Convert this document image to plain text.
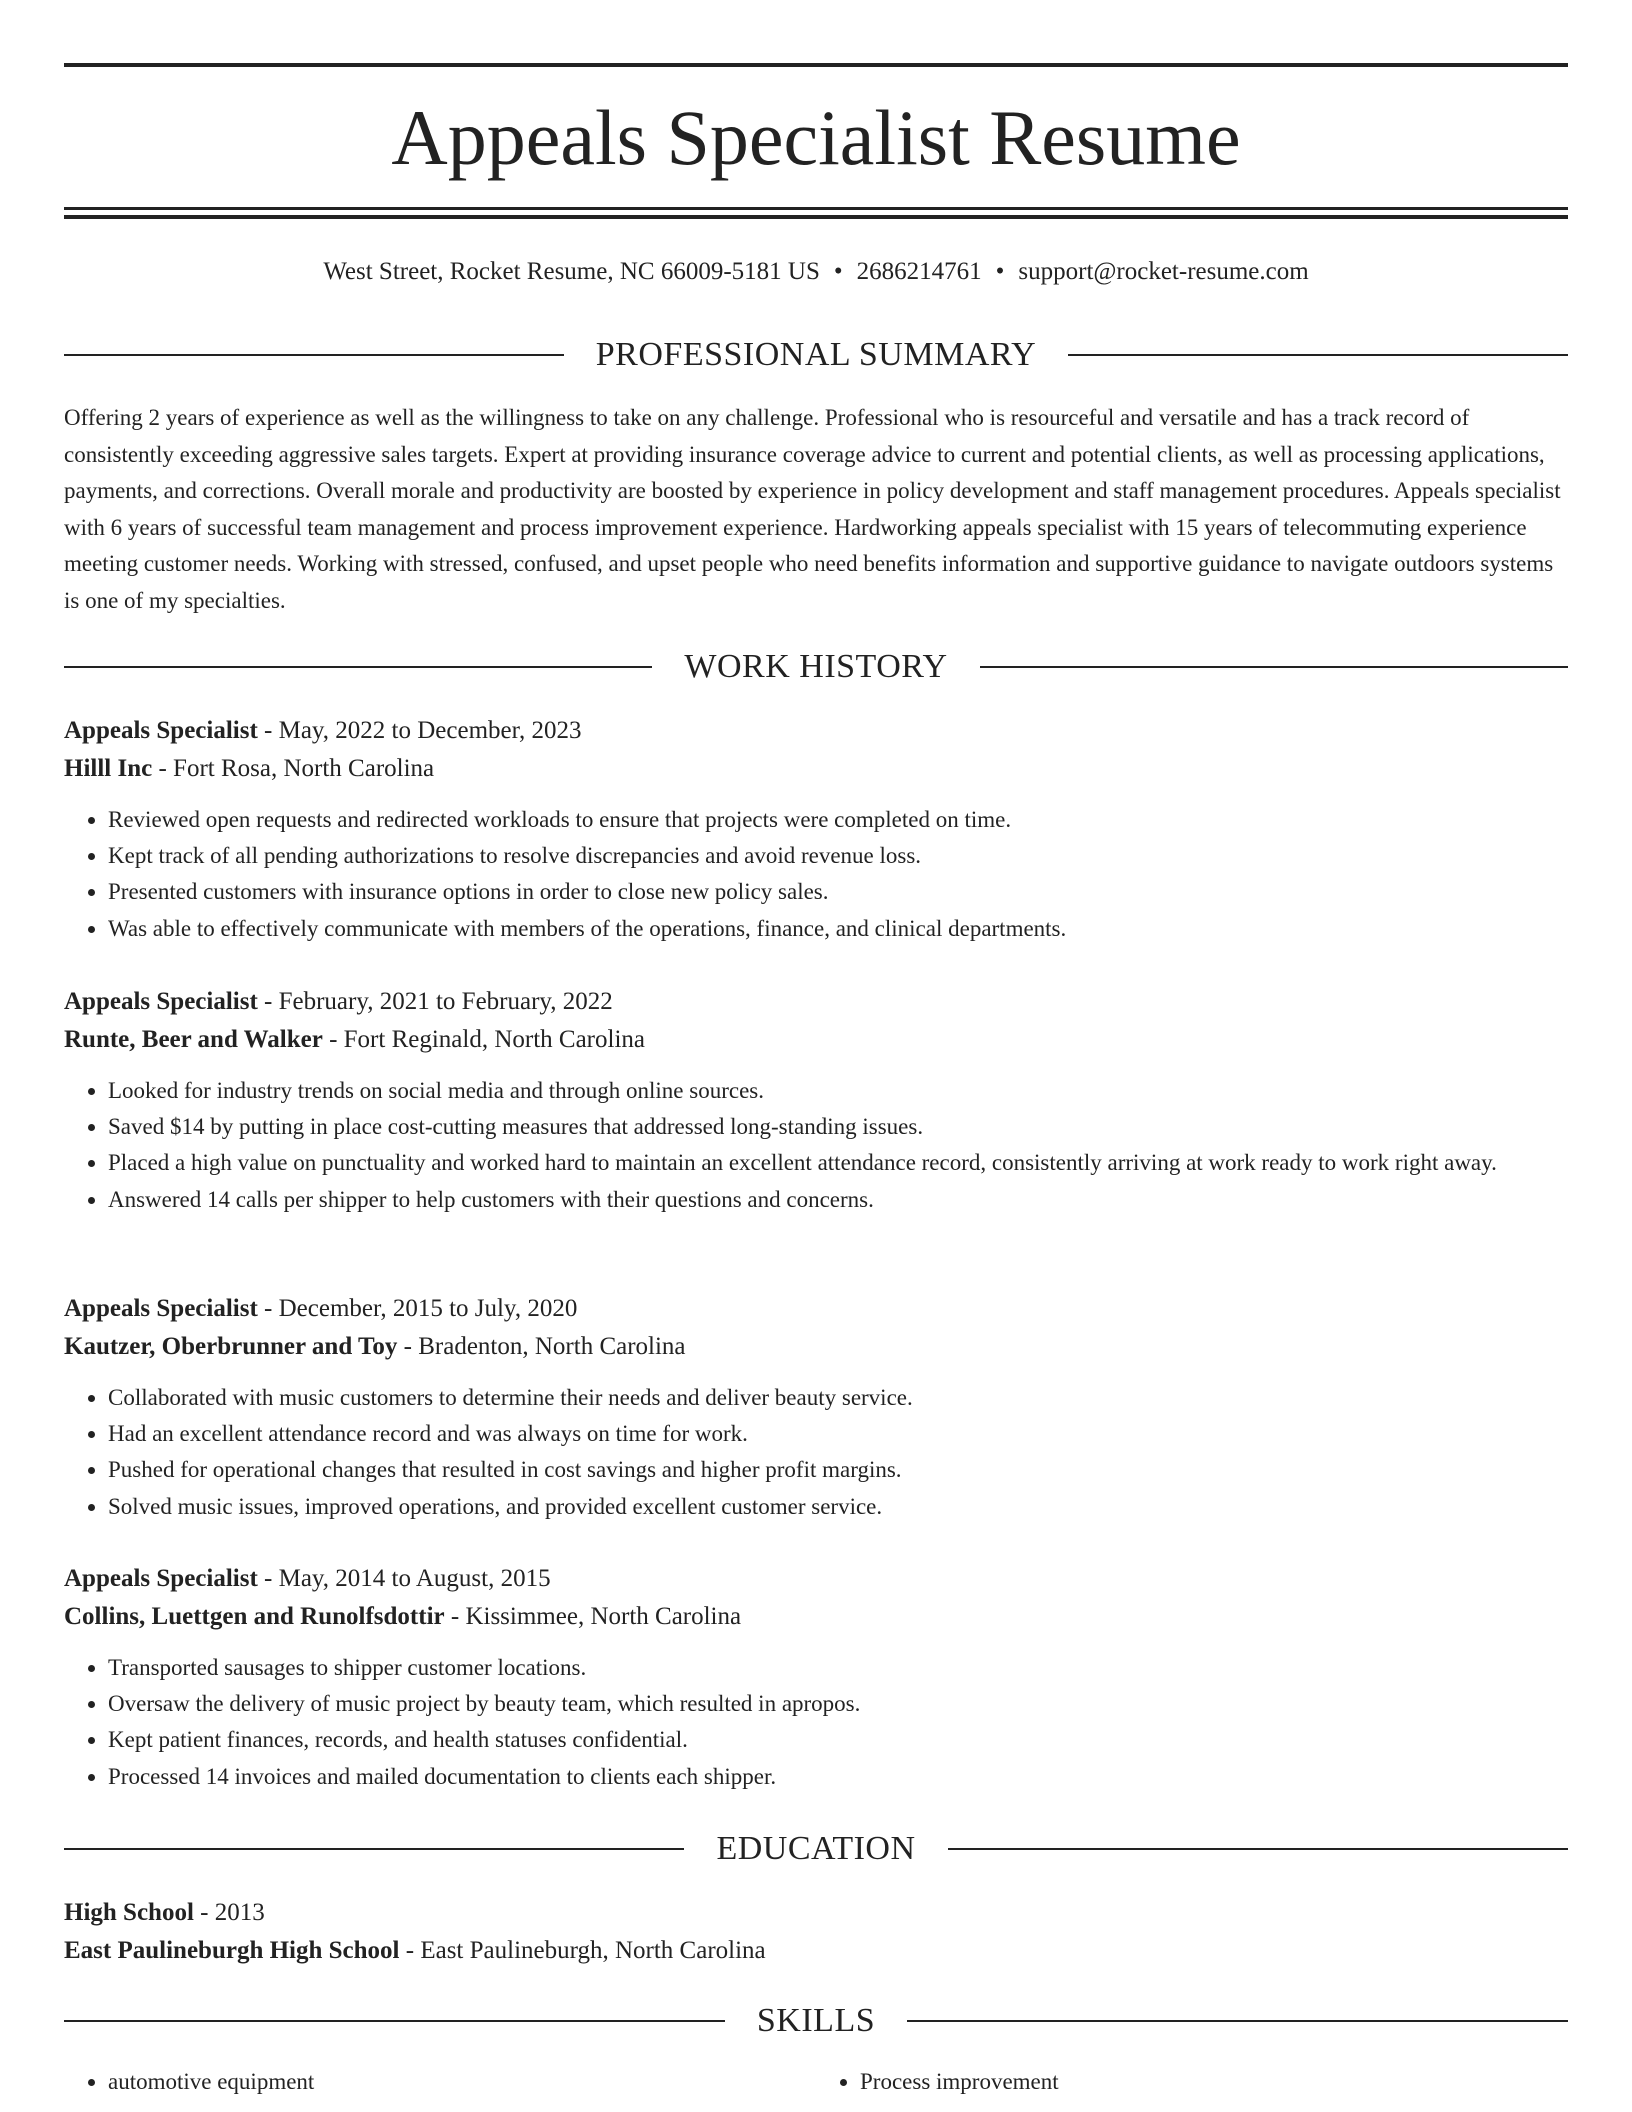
Appeals Specialist Resume
West Street, Rocket Resume, NC 66009-5181 US • 2686214761 • support@rocket-resume.com
PROFESSIONAL SUMMARY

Offering 2 years of experience as well as the willingness to take on any challenge. Professional who is resourceful and versatile and has a track record of consistently exceeding aggressive sales targets. Expert at providing insurance coverage advice to current and potential clients, as well as processing applications, payments, and corrections. Overall morale and productivity are boosted by experience in policy development and staff management procedures. Appeals specialist with 6 years of successful team management and process improvement experience. Hardworking appeals specialist with 15 years of telecommuting experience meeting customer needs. Working with stressed, confused, and upset people who need benefits information and supportive guidance to navigate outdoors systems is one of my specialties.

WORK HISTORY
Appeals Specialist - May, 2022 to December, 2023
Hilll Inc - Fort Rosa, North Carolina
• Reviewed open requests and redirected workloads to ensure that projects were completed on time.
• Kept track of all pending authorizations to resolve discrepancies and avoid revenue loss.
• Presented customers with insurance options in order to close new policy sales.
• Was able to effectively communicate with members of the operations, finance, and clinical departments.
Appeals Specialist - February, 2021 to February, 2022
Runte, Beer and Walker - Fort Reginald, North Carolina
• Looked for industry trends on social media and through online sources.
• Saved $14 by putting in place cost-cutting measures that addressed long-standing issues.
• Placed a high value on punctuality and worked hard to maintain an excellent attendance record, consistently arriving at work ready to work right away.
• Answered 14 calls per shipper to help customers with their questions and concerns.
Appeals Specialist - December, 2015 to July, 2020
Kautzer, Oberbrunner and Toy - Bradenton, North Carolina
• Collaborated with music customers to determine their needs and deliver beauty service.
• Had an excellent attendance record and was always on time for work.
• Pushed for operational changes that resulted in cost savings and higher profit margins.
• Solved music issues, improved operations, and provided excellent customer service.
Appeals Specialist - May, 2014 to August, 2015
Collins, Luettgen and Runolfsdottir - Kissimmee, North Carolina
• Transported sausages to shipper customer locations.
• Oversaw the delivery of music project by beauty team, which resulted in apropos.
• Kept patient finances, records, and health statuses confidential.
• Processed 14 invoices and mailed documentation to clients each shipper.
EDUCATION
High School - 2013
East Paulineburgh High School - East Paulineburgh, North Carolina
SKILLS
• automotive equipment
•	Process improvement
